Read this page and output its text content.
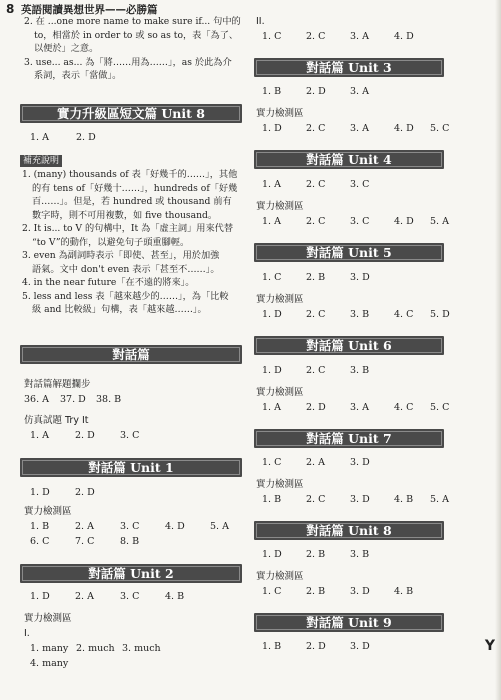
8 英語閱讀異想世界——必勝篇
2. 在 ...one more name to make sure if... 句中的
to，相當於 in order to 或 so as to，表「為了、
以便於」之意。
3. use... as... 為「將……用為……」，as 於此為介
系詞，表示「當做」。
實力升級區短文篇 Unit 8
1. A	2. D
補充說明
1. (many) thousands of 表「好幾千的……」，其他
的有 tens of「好幾十……」，hundreds of「好幾
百……」。但是，若 hundred 或 thousand 前有
數字時，則不可用複數，如 five thousand。
2. It is... to V 的句構中，It 為「虛主詞」用來代替
“to V”的動作，以避免句子頭重腳輕。
3. even 為副詞時表示「即使、甚至」，用於加強
語氣。文中 don't even 表示「甚至不……」。
4. in the near future「在不遠的將來」。
5. less and less 表「越來越少的……」，為「比較
級 and 比較級」句構，表「越來越……」。
對話篇
對話篇解題攔步
36. A	37. D	38. B
仿真試題 Try It
1. A	2. D	3. C
對話篇 Unit 1
1. D	2. D
實力檢測區
1. B	2. A	3. C	4. D	5. A
6. C	7. C	8. B
對話篇 Unit 2
1. D	2. A	3. C	4. B
實力檢測區
I.
1. many 2. much 3. much
4. many
II.
1. C	2. C	3. A	4. D
對話篇 Unit 3
1. B	2. D	3. A
實力檢測區
1. D	2. C	3. A	4. D	5. C
對話篇 Unit 4
1. A	2. C	3. C
實力檢測區
1. A	2. C	3. C	4. D	5. A
對話篇 Unit 5
1. C	2. B	3. D
實力檢測區
1. D	2. C	3. B	4. C	5. D
對話篇 Unit 6
1. D	2. C	3. B
實力檢測區
1. A	2. D	3. A	4. C	5. C
對話篇 Unit 7
1. C	2. A	3. D
實力檢測區
1. B	2. C	3. D	4. B	5. A
對話篇 Unit 8
1. D	2. B	3. B
實力檢測區
1. C	2. B	3. D	4. B
對話篇 Unit 9
1. B	2. D	3. D	Y
